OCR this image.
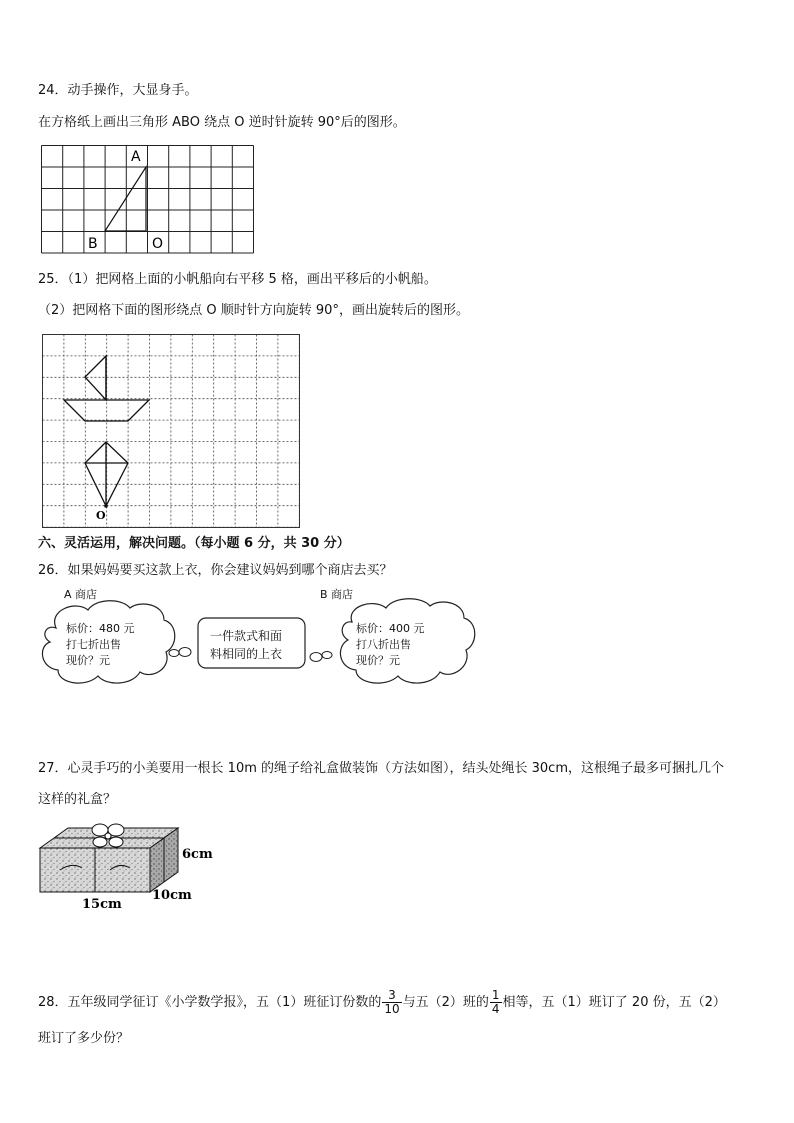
24．动手操作，大显身手。
在方格纸上画出三角形 ABO 绕点 O 逆时针旋转 90°后的图形。
A
B	O
25．（1）把网格上面的小帆船向右平移 5 格，画出平移后的小帆船。
（2）把网格下面的图形绕点 O 顺时针方向旋转 90°，画出旋转后的图形。
O
六、灵活运用，解决问题。（每小题 6 分，共 30 分）
26．如果妈妈要买这款上衣，你会建议妈妈到哪个商店去买？
A 商店	B 商店
标价：480 元
打七折出售
现价？元
一件款式和面
料相同的上衣
标价：400 元
打八折出售
现价？元
27．心灵手巧的小美要用一根长 10m 的绳子给礼盒做装饰（方法如图），结头处绳长 30cm，这根绳子最多可捆扎几个
这样的礼盒？
6cm
10cm
15cm
28．五年级同学征订《小学数学报》，五（1）班征订份数的 $\frac{3}{10}$ 与五（2）班的 $\frac{1}{4}$ 相等，五（1）班订了 20 份，五（2）
班订了多少份？
